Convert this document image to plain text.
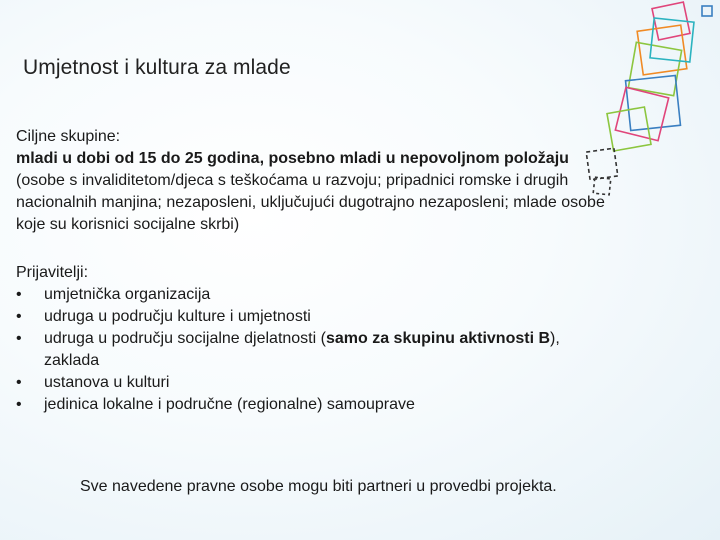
Umjetnost i kultura za mlade

Ciljne skupine:

mladi u dobi od 15 do 25 godina, posebno mladi u nepovoljnom položaju (osobe s invaliditetom/djeca s teškoćama u razvoju; pripadnici romske i drugih nacionalnih manjina; nezaposleni, uključujući dugotrajno nezaposleni; mlade osobe koje su korisnici socijalne skrbi)

Prijavitelji:

•	umjetnička organizacija
•	udruga u području kulture i umjetnosti
•	udruga u području socijalne djelatnosti (samo za skupinu aktivnosti B), zaklada
•	ustanova u kulturi
•	jedinica lokalne i područne (regionalne) samouprave
Sve navedene pravne osobe mogu biti partneri u provedbi projekta.
